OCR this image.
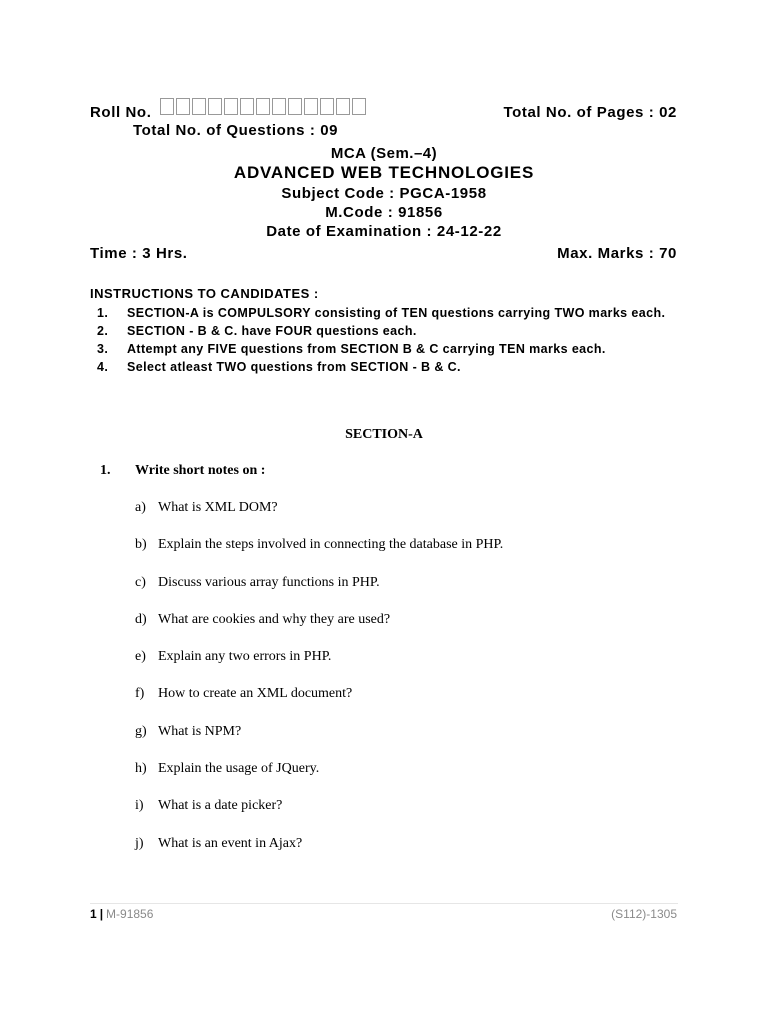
Roll No.	Total No. of Pages : 02
Total No. of Questions : 09
MCA (Sem.–4)
ADVANCED WEB TECHNOLOGIES
Subject Code : PGCA-1958
M.Code : 91856
Date of Examination : 24-12-22
Time : 3 Hrs.	Max. Marks : 70
INSTRUCTIONS TO CANDIDATES :
1.	SECTION-A is COMPULSORY consisting of TEN questions carrying TWO marks each.
2.	SECTION - B & C. have FOUR questions each.
3.	Attempt any FIVE questions from SECTION B & C carrying TEN marks each.
4.	Select atleast TWO questions from SECTION - B & C.
SECTION-A
1. Write short notes on :
a) What is XML DOM?
b) Explain the steps involved in connecting the database in PHP.
c) Discuss various array functions in PHP.
d) What are cookies and why they are used?
e) Explain any two errors in PHP.
f) How to create an XML document?
g) What is NPM?
h) Explain the usage of JQuery.
i)	What is a date picker?
j)	What is an event in Ajax?
1 | M-91856	(S112)-1305
